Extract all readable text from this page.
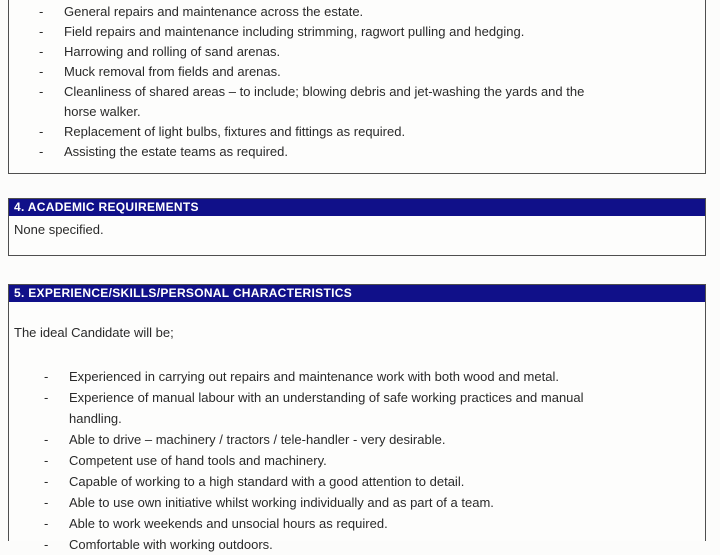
- General repairs and maintenance across the estate.
- Field repairs and maintenance including strimming, ragwort pulling and hedging.
- Harrowing and rolling of sand arenas.
- Muck removal from fields and arenas.
- Cleanliness of shared areas – to include; blowing debris and jet-washing the yards and the
horse walker.
- Replacement of light bulbs, fixtures and fittings as required.
- Assisting the estate teams as required.
4. ACADEMIC REQUIREMENTS

None specified.

5. EXPERIENCE/SKILLS/PERSONAL CHARACTERISTICS

The ideal Candidate will be;

- Experienced in carrying out repairs and maintenance work with both wood and metal.
- Experience of manual labour with an understanding of safe working practices and manual
handling.
- Able to drive – machinery / tractors / tele-handler - very desirable.
- Competent use of hand tools and machinery.
- Capable of working to a high standard with a good attention to detail.
- Able to use own initiative whilst working individually and as part of a team.
- Able to work weekends and unsocial hours as required.
- Comfortable with working outdoors.
